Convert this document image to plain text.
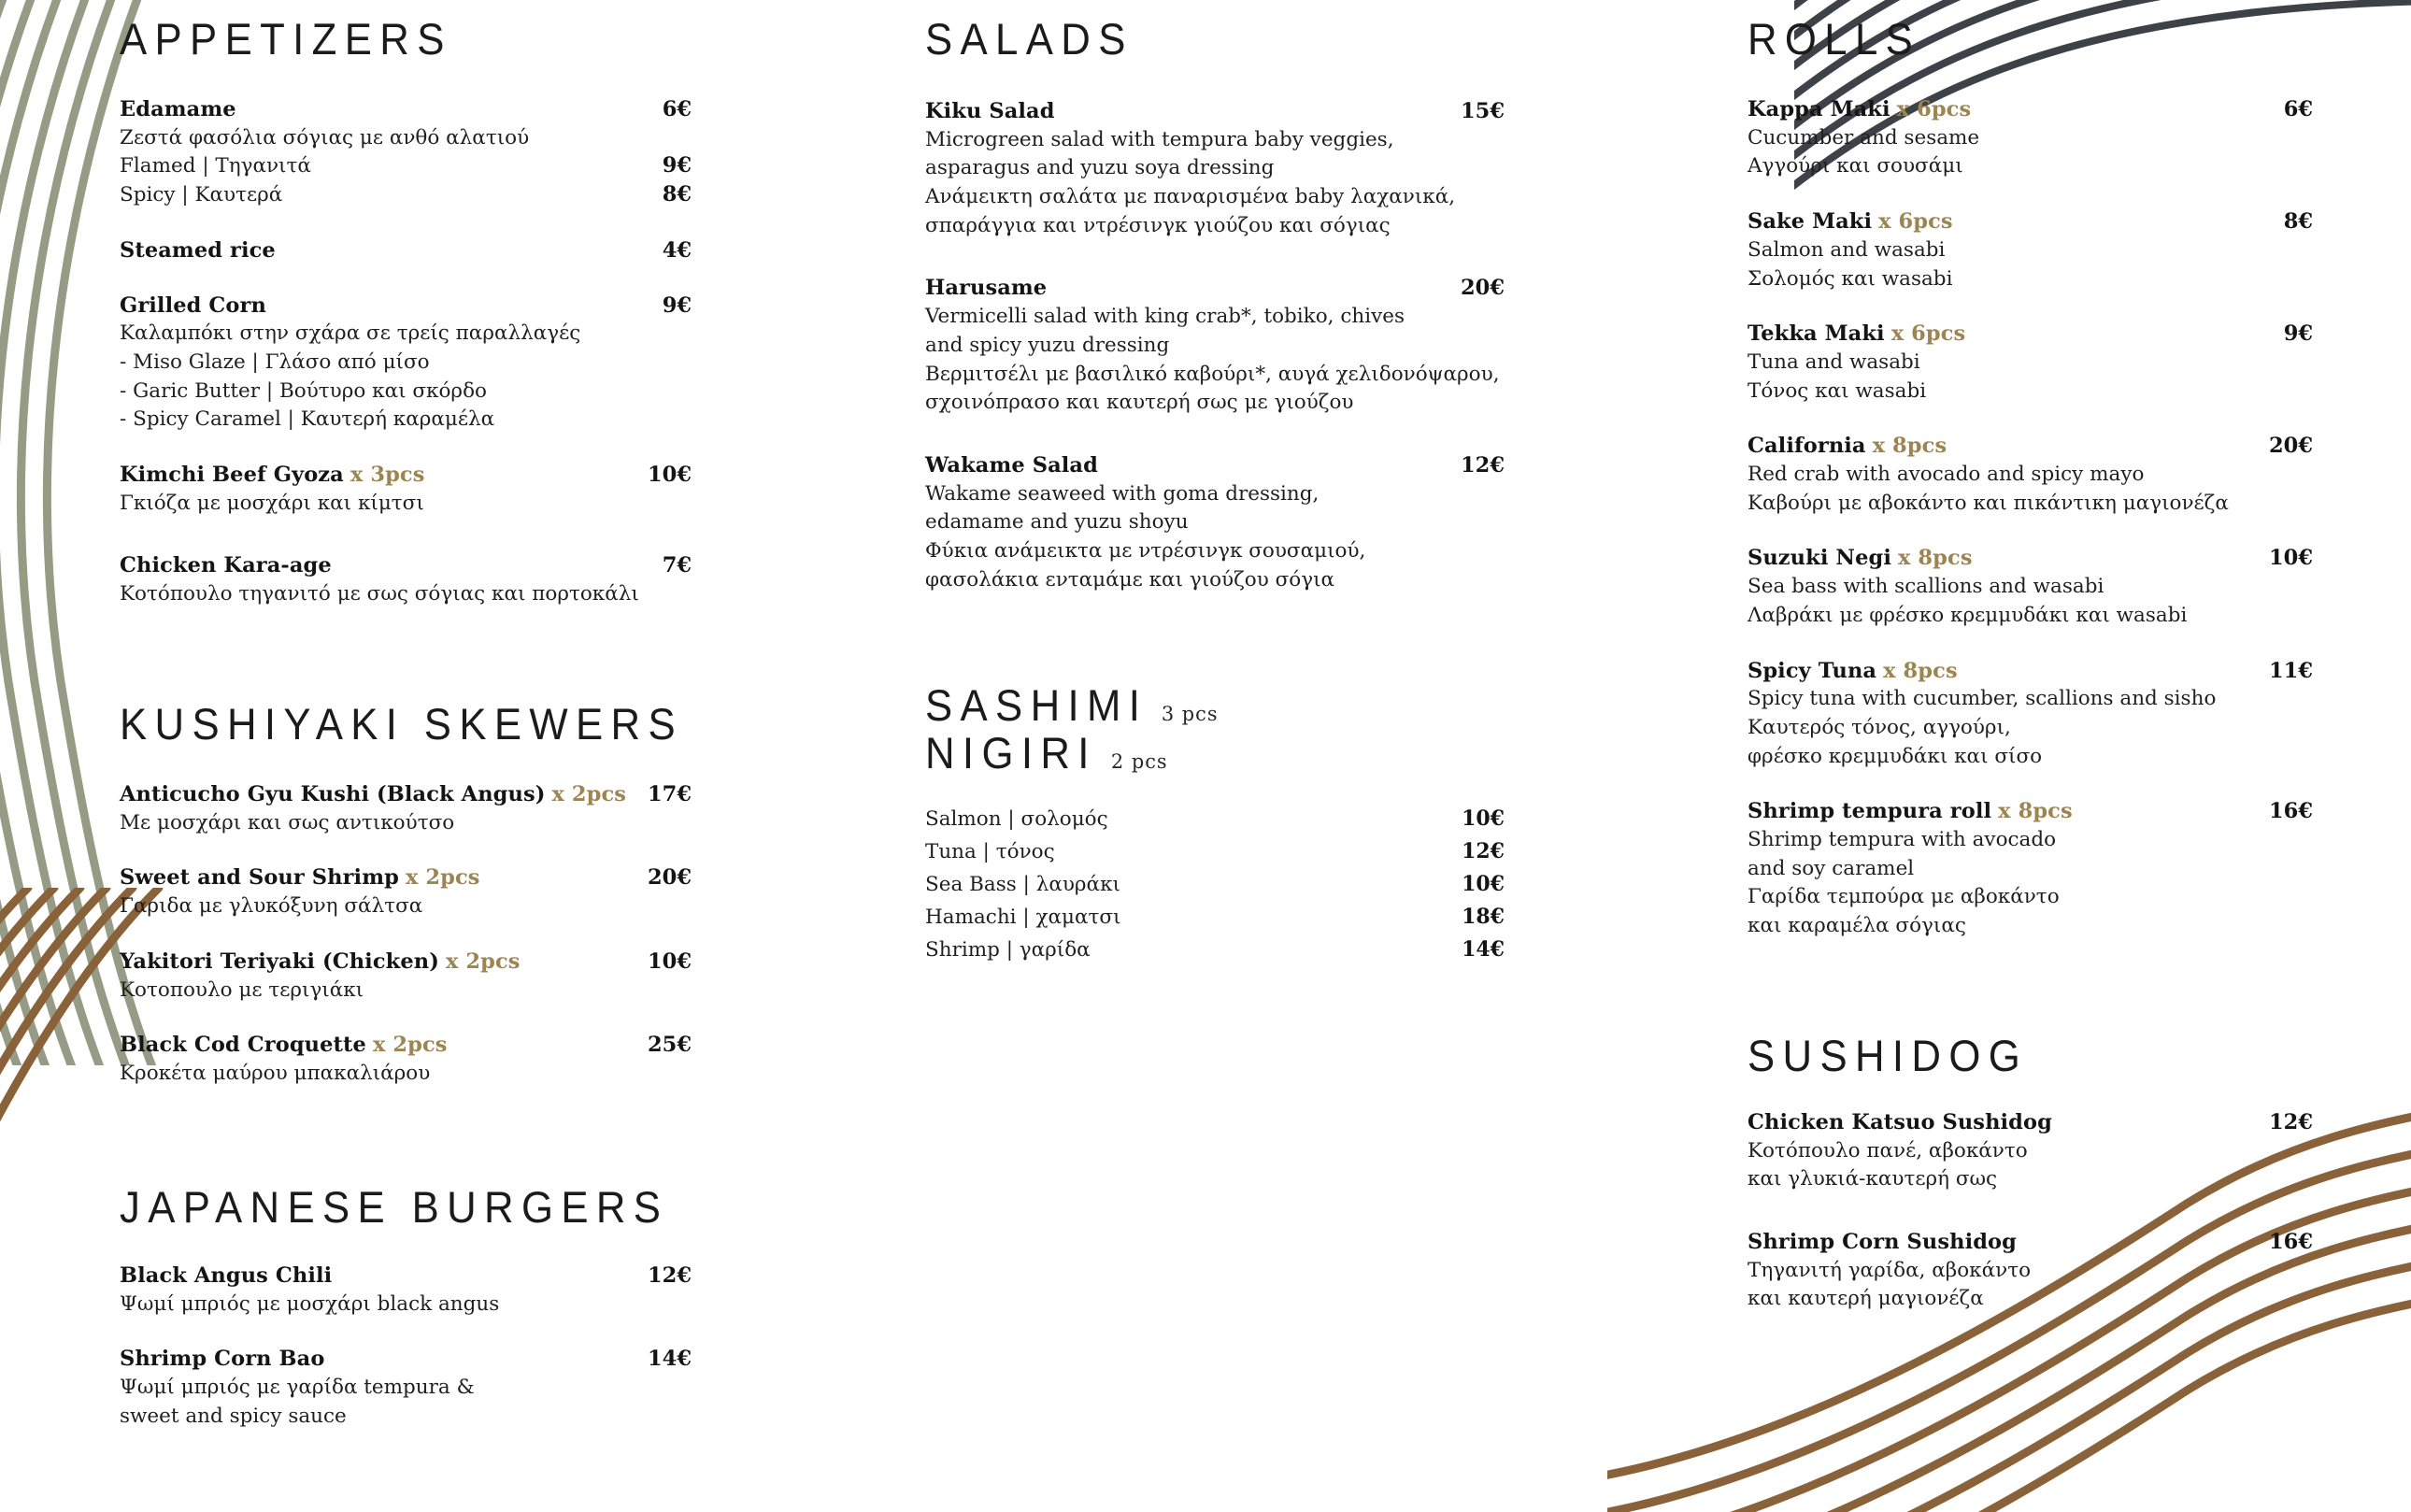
APPETIZERS
Edamame	6€
Ζεστά φασόλια σόγιας με ανθό αλατιού
Flamed | Τηγανιτά	9€
Spicy | Καυτερά	8€
Steamed rice	4€
Grilled Corn	9€
Καλαμπόκι στην σχάρα σε τρείς παραλλαγές
- Miso Glaze | Γλάσο από μίσο
- Garic Butter | Βούτυρο και σκόρδο
- Spicy Caramel | Καυτερή καραμέλα
Kimchi Beef Gyoza x 3pcs	10€
Γκιόζα με μοσχάρι και κίμτσι
Chicken Kara-age	7€
Κοτόπουλο τηγανιτό με σως σόγιας και πορτοκάλι
KUSHIYAKI SKEWERS
Anticucho Gyu Kushi (Black Angus) x 2pcs 17€
Με μοσχάρι και σως αντικούτσο
Sweet and Sour Shrimp x 2pcs	20€
Γαριδα με γλυκόξυνη σάλτσα
Yakitori Teriyaki (Chicken) x 2pcs	10€
Κοτοπουλο με τεριγιάκι
Black Cod Croquette x 2pcs	25€
Κροκέτα μαύρου μπακαλιάρου
JAPANESE BURGERS
Black Angus Chili	12€
Ψωμί μπριός με μοσχάρι black angus
Shrimp Corn Bao	14€
Ψωμί μπριός με γαρίδα tempura &
sweet and spicy sauce
SALADS
Kiku Salad	15€
Microgreen salad with tempura baby veggies,
asparagus and yuzu soya dressing
Ανάμεικτη σαλάτα με παναρισμένα baby λαχανικά,
σπαράγγια και ντρέσινγκ γιούζου και σόγιας
Harusame	20€
Vermicelli salad with king crab*, tobiko, chives
and spicy yuzu dressing
Βερμιτσέλι με βασιλικό καβούρι*, αυγά χελιδονόψαρου,
σχοινόπρασο και καυτερή σως με γιούζου
Wakame Salad	12€
Wakame seaweed with goma dressing,
edamame and yuzu shoyu
Φύκια ανάμεικτα με ντρέσινγκ σουσαμιού,
φασολάκια ενταμάμε και γιούζου σόγια
SASHIMI 3 pcs
NIGIRI 2 pcs
Salmon | σολομός	10€
Tuna | τόνος	12€
Sea Bass | λαυράκι	10€
Hamachi | χαματσι	18€
Shrimp | γαρίδα	14€
ROLLS
Kappa Maki x 6pcs	6€
Cucumber and sesame
Αγγούρι και σουσάμι
Sake Maki x 6pcs	8€
Salmon and wasabi
Σολομός και wasabi
Tekka Maki x 6pcs	9€
Tuna and wasabi
Τόνος και wasabi
California x 8pcs	20€
Red crab with avocado and spicy mayo
Καβούρι με αβοκάντο και πικάντικη μαγιονέζα
Suzuki Negi x 8pcs	10€
Sea bass with scallions and wasabi
Λαβράκι με φρέσκο κρεμμυδάκι και wasabi
Spicy Tuna x 8pcs	11€
Spicy tuna with cucumber, scallions and sisho
Καυτερός τόνος, αγγούρι,
φρέσκο κρεμμυδάκι και σίσο
Shrimp tempura roll x 8pcs	16€
Shrimp tempura with avocado
and soy caramel
Γαρίδα τεμπούρα με αβοκάντο
και καραμέλα σόγιας
SUSHIDOG
Chicken Katsuo Sushidog	12€
Κοτόπουλο πανέ, αβοκάντο
και γλυκιά-καυτερή σως
Shrimp Corn Sushidog	16€
Τηγανιτή γαρίδα, αβοκάντο
και καυτερή μαγιονέζα
